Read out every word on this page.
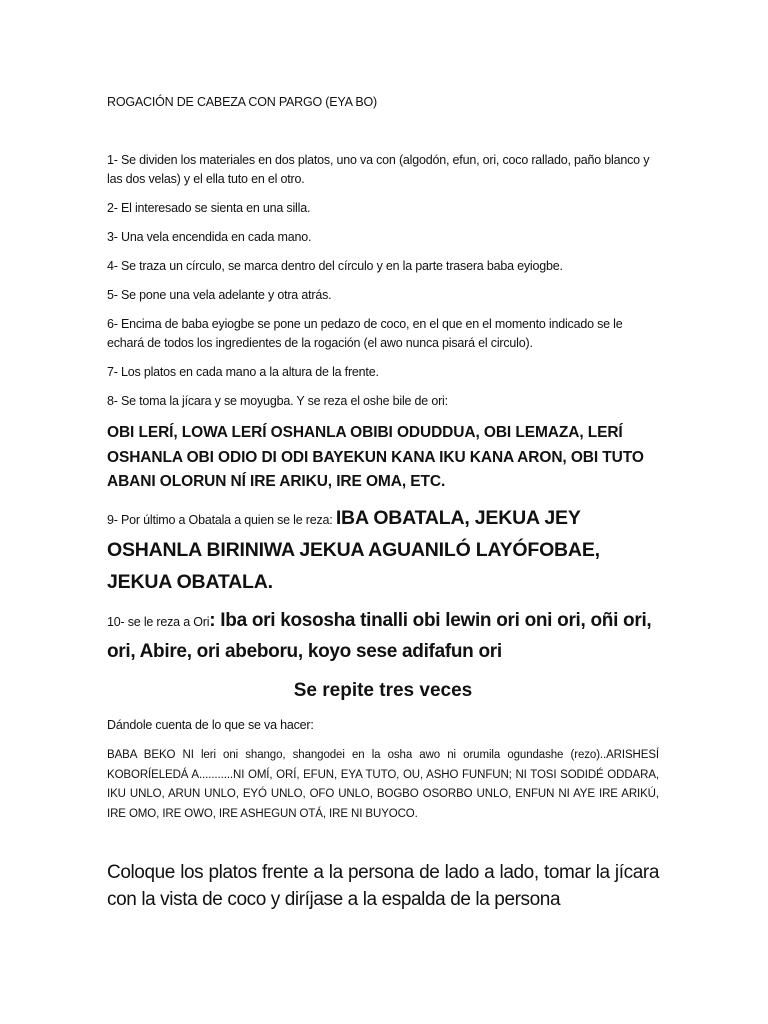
ROGACIÓN DE CABEZA CON PARGO (EYA BO)

1- Se dividen los materiales en dos platos, uno va con (algodón, efun, ori, coco rallado, paño blanco y las dos velas) y el ella tuto en el otro.

2- El interesado se sienta en una silla.

3- Una vela encendida en cada mano.

4- Se traza un círculo, se marca dentro del círculo y en la parte trasera baba eyiogbe.

5- Se pone una vela adelante y otra atrás.

6- Encima de baba eyiogbe se pone un pedazo de coco, en el que en el momento indicado se le echará de todos los ingredientes de la rogación (el awo nunca pisará el circulo).

7- Los platos en cada mano a la altura de la frente.

8- Se toma la jícara y se moyugba. Y se reza el oshe bile de ori:

OBI LERÍ, LOWA LERÍ OSHANLA OBIBI ODUDDUA, OBI LEMAZA, LERÍ OSHANLA OBI ODIO DI ODI BAYEKUN KANA IKU KANA ARON, OBI TUTO ABANI OLORUN NÍ IRE ARIKU, IRE OMA, ETC.

9- Por último a Obatala a quien se le reza: IBA OBATALA, JEKUA JEY OSHANLA BIRINIWA JEKUA AGUANILÓ LAYÓFOBAE, JEKUA OBATALA.

10- se le reza a Ori: Iba ori kososha tinalli obi lewin ori oni ori, oñi ori, ori, Abire, ori abeboru, koyo sese adifafun ori

Se repite tres veces

Dándole cuenta de lo que se va hacer:

BABA BEKO NI leri oni shango, shangodei en la osha awo ni orumila ogundashe (rezo)..ARISHESÍ KOBORÍELEDÁ A...........NI OMÍ, ORÍ, EFUN, EYA TUTO, OU, ASHO FUNFUN; NI TOSI SODIDÉ ODDARA, IKU UNLO, ARUN UNLO, EYÓ UNLO, OFO UNLO, BOGBO OSORBO UNLO, ENFUN NI AYE IRE ARIKÚ, IRE OMO, IRE OWO, IRE ASHEGUN OTÁ, IRE NI BUYOCO.

Coloque los platos frente a la persona de lado a lado, tomar la jícara con la vista de coco y diríjase a la espalda de la persona
